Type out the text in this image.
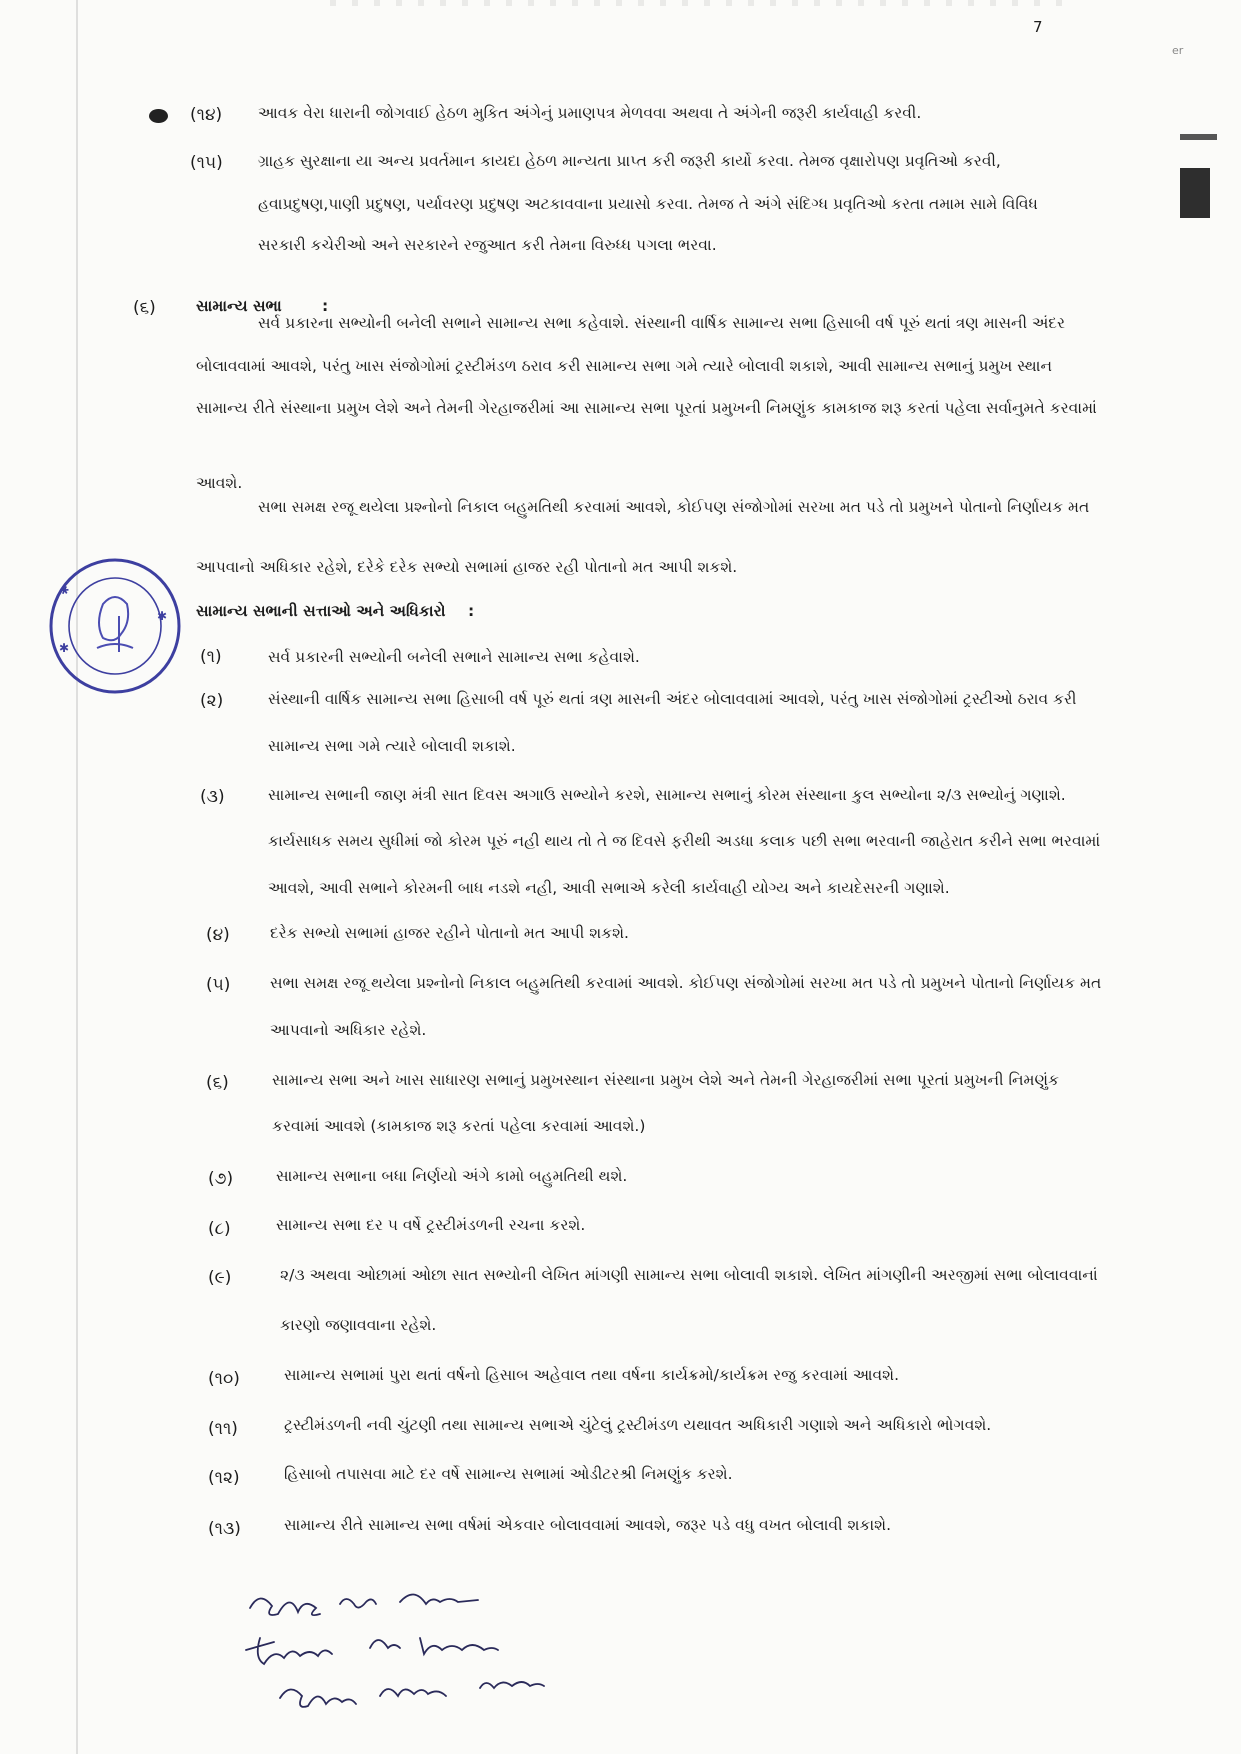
7
er
(૧૪) આવક વેરા ધારાની જોગવાઈ હેઠળ મુકિત અંગેનું પ્રમાણપત્ર મેળવવા અથવા તે અંગેની જરૂરી કાર્યવાહી કરવી.
(૧૫) ગ્રાહક સુરક્ષાના યા અન્ય પ્રવર્તમાન કાયદા હેઠળ માન્યતા પ્રાપ્ત કરી જરૂરી કાર્યો કરવા. તેમજ વૃક્ષારોપણ પ્રવૃતિઓ કરવી,
હવાપ્રદુષણ,પાણી પ્રદુષણ, પર્યાવરણ પ્રદુષણ અટકાવવાના પ્રયાસો કરવા. તેમજ તે અંગે સંદિગ્ધ પ્રવૃતિઓ કરતા તમામ સામે વિવિધ
સરકારી કચેરીઓ અને સરકારને રજુઆત કરી તેમના વિરુધ્ધ પગલા ભરવા.
(૬)	સામાન્ય સભા	:
સર્વ પ્રકારના સભ્યોની બનેલી સભાને સામાન્ય સભા કહેવાશે. સંસ્થાની વાર્ષિક સામાન્ય સભા હિસાબી વર્ષ પૂરું થતાં ત્રણ માસની અંદર
બોલાવવામાં આવશે, પરંતુ ખાસ સંજોગોમાં ટ્રસ્ટીમંડળ ઠરાવ કરી સામાન્ય સભા ગમે ત્યારે બોલાવી શકાશે, આવી સામાન્ય સભાનું પ્રમુખ સ્થાન
સામાન્ય રીતે સંસ્થાના પ્રમુખ લેશે અને તેમની ગેરહાજરીમાં આ સામાન્ય સભા પૂરતાં પ્રમુખની નિમણુંક કામકાજ શરૂ કરતાં પહેલા સર્વાનુમતે કરવામાં
આવશે.
સભા સમક્ષ રજૂ થયેલા પ્રશ્નોનો નિકાલ બહુમતિથી કરવામાં આવશે, કોઈપણ સંજોગોમાં સરખા મત પડે તો પ્રમુખને પોતાનો નિર્ણાયક મત
આપવાનો અધિકાર રહેશે, દરેકે દરેક સભ્યો સભામાં હાજર રહી પોતાનો મત આપી શકશે.
સામાન્ય સભાની સત્તાઓ અને અધિકારો :
(૧)	સર્વ પ્રકારની સભ્યોની બનેલી સભાને સામાન્ય સભા કહેવાશે.
(૨)	સંસ્થાની વાર્ષિક સામાન્ય સભા હિસાબી વર્ષ પૂરું થતાં ત્રણ માસની અંદર બોલાવવામાં આવશે, પરંતુ ખાસ સંજોગોમાં ટ્રસ્ટીઓ ઠરાવ કરી
સામાન્ય સભા ગમે ત્યારે બોલાવી શકાશે.
(૩)	સામાન્ય સભાની જાણ મંત્રી સાત દિવસ અગાઉ સભ્યોને કરશે, સામાન્ય સભાનું કોરમ સંસ્થાના કુલ સભ્યોના ૨/૩ સભ્યોનું ગણાશે.
કાર્યસાધક સમય સુધીમાં જો કોરમ પૂરું નહી થાય તો તે જ દિવસે ફરીથી અડધા કલાક પછી સભા ભરવાની જાહેરાત કરીને સભા ભરવામાં
આવશે, આવી સભાને કોરમની બાધ નડશે નહી, આવી સભાએ કરેલી કાર્યવાહી યોગ્ય અને કાયદેસરની ગણાશે.
(૪)	દરેક સભ્યો સભામાં હાજર રહીને પોતાનો મત આપી શકશે.
(૫)	સભા સમક્ષ રજૂ થયેલા પ્રશ્નોનો નિકાલ બહુમતિથી કરવામાં આવશે. કોઈપણ સંજોગોમાં સરખા મત પડે તો પ્રમુખને પોતાનો નિર્ણાયક મત
આપવાનો અધિકાર રહેશે.
(૬)	સામાન્ય સભા અને ખાસ સાધારણ સભાનું પ્રમુખસ્થાન સંસ્થાના પ્રમુખ લેશે અને તેમની ગેરહાજરીમાં સભા પૂરતાં પ્રમુખની નિમણુંક
કરવામાં આવશે (કામકાજ શરૂ કરતાં પહેલા કરવામાં આવશે.)
(૭)	સામાન્ય સભાના બધા નિર્ણયો અંગે કામો બહુમતિથી થશે.
(૮)	સામાન્ય સભા દર ૫ વર્ષે ટ્રસ્ટીમંડળની રચના કરશે.
(૯)	૨/૩ અથવા ઓછામાં ઓછા સાત સભ્યોની લેખિત માંગણી સામાન્ય સભા બોલાવી શકાશે. લેખિત માંગણીની અરજીમાં સભા બોલાવવાનાં
કારણો જણાવવાના રહેશે.
(૧૦)	સામાન્ય સભામાં પુરા થતાં વર્ષનો હિસાબ અહેવાલ તથા વર્ષના કાર્યક્રમો/કાર્યક્રમ રજુ કરવામાં આવશે.
(૧૧)	ટ્રસ્ટીમંડળની નવી ચુંટણી તથા સામાન્ય સભાએ ચુંટેલું ટ્રસ્ટીમંડળ યથાવત અધિકારી ગણાશે અને અધિકારો ભોગવશે.
(૧૨)	હિસાબો તપાસવા માટે દર વર્ષે સામાન્ય સભામાં ઓડીટરશ્રી નિમણુંક કરશે.
(૧૩)	સામાન્ય રીતે સામાન્ય સભા વર્ષમાં એકવાર બોલાવવામાં આવશે, જરૂર પડે વધુ વખત બોલાવી શકાશે.
✱
✱
✱
